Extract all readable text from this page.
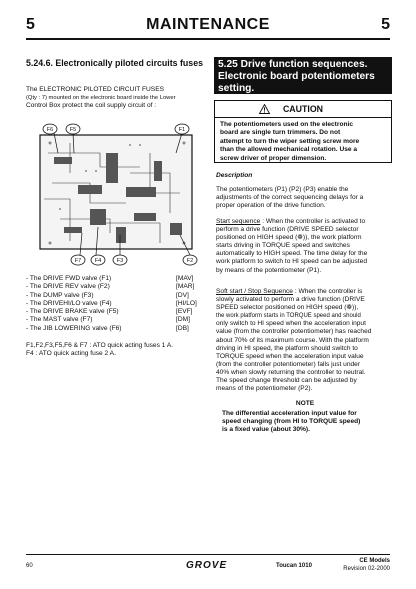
5	MAINTENANCE	5
5.24.6. Electronically piloted circuits fuses
The ELECTRONIC PILOTED CIRCUIT FUSES
(Qty : 7) mounted on the electronic board inside the Lower
Control Box protect the coil supply circuit of :
F6	F5	F1
F7 F4	F3	F2
- The DRIVE FWD valve (F1)	[MAV]
- The DRIVE REV valve (F2)	[MAR]
- The DUMP valve (F3)	[DV]
- The DRIVEHI/LO valve (F4)	[HI/LO]
- The DRIVE BRAKE valve (F5)	[EVF]
- The MAST valve (F7)	[DM]
- The JIB LOWERING valve (F6)	[DB]
F1,F2,F3,F5,F6 & F7 : ATO quick acting fuses 1 A.
F4 : ATO quick acting fuse 2 A.
5.25 Drive function sequences.
Electronic board potentiometers
setting.
CAUTION
The potentiometers used on the electronic
board are single turn trimmers. Do not
attempt to turn the wiper setting screw more
than the allowed mechanical rotation. Use a
screw driver of proper dimension.
Description
The potentiometers (P1) (P2) (P3) enable the
adjustments of the correct sequencing delays for a
proper operation of the drive function.
Start sequence : When the controller is activated to
perform a drive function (DRIVE SPEED selector
positioned on HIGH speed (❁)), the work platform
starts driving in TORQUE speed and switches
automatically to HIGH speed. The time delay for the
work platform to switch to HI speed can be adjusted
by means of the potentiometer (P1).
Soft start / Stop Sequence : When the controller is
slowly activated to perform a drive function (DRIVE
SPEED selector positioned on HIGH speed (❁)),
the work platform starts in TORQUE speed and should
only switch to HI speed when the acceleration input
value (from the controller potentiometer) has reached
about 70% of its maximum course. With the platform
driving in HI speed, the platform should switch to
TORQUE speed when the acceleration input value
(from the controller potentiometer) falls just under
40% when slowly returning the controller to neutral.
The speed change threshold can be adjusted by
means of the potentiometer (P2).
NOTE
The differential acceleration input value for
speed changing (from HI to TORQUE speed)
is a fixed value (about 30%).
60	GROVE	Toucan 1010
CE Models
Revision 02-2000
